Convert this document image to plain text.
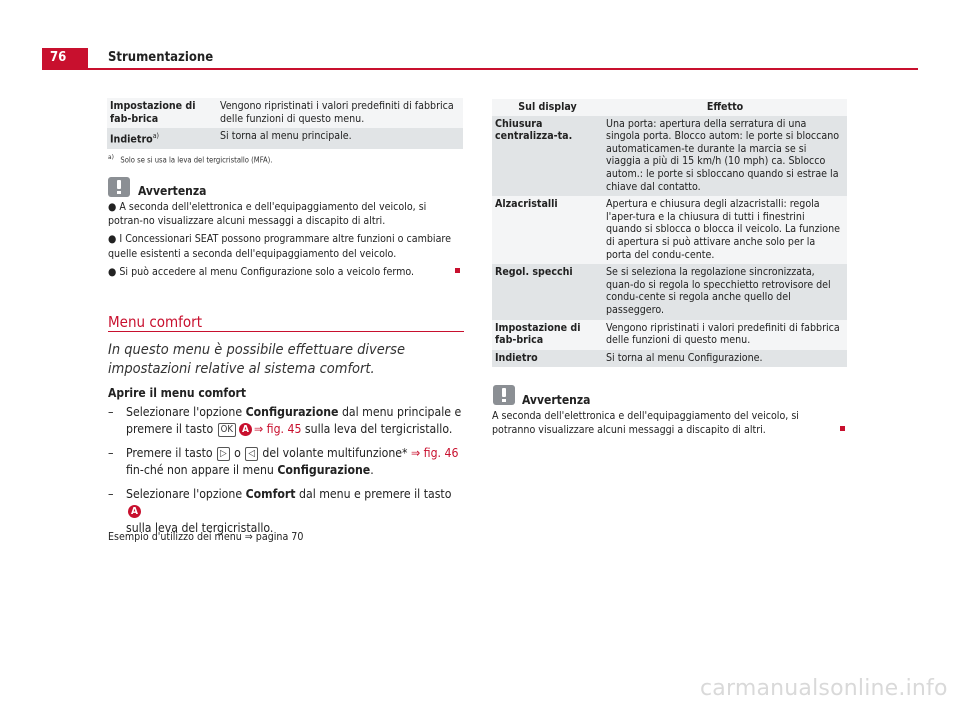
76	Strumentazione
Impostazione di fab-brica	Vengono ripristinati i valori predefiniti di fabbrica delle funzioni di questo menu.
Indietro$^{a)}$	Si torna al menu principale.
$^{a)}$ Solo se si usa la leva del tergicristallo (MFA).
Avvertenza
● A seconda dell'elettronica e dell'equipaggiamento del veicolo, si potran-no visualizzare alcuni messaggi a discapito di altri.
● I Concessionari SEAT possono programmare altre funzioni o cambiare quelle esistenti a seconda dell'equipaggiamento del veicolo.
● Si può accedere al menu Configurazione solo a veicolo fermo.
Menu comfort
In questo menu è possibile effettuare diverse impostazioni relative al sistema comfort.
Aprire il menu comfort
–	Selezionare l'opzione Configurazione dal menu principale e premere il tasto OK A ⇒ fig. 45 sulla leva del tergicristallo.
–	Premere il tasto ▷ o ◁ del volante multifunzione* ⇒ fig. 46 fin-ché non appare il menu Configurazione.
–	Selezionare l'opzione Comfort dal menu e premere il tasto A
sulla leva del tergicristallo.
Esempio d'utilizzo dei menu ⇒ pagina 70
Sul display	Effetto
Chiusura centralizza-ta.	Una porta: apertura della serratura di una singola porta. Blocco autom: le porte si bloccano automaticamen-te durante la marcia se si viaggia a più di 15 km/h (10 mph) ca. Sblocco autom.: le porte si sbloccano quando si estrae la chiave dal contatto.
Alzacristalli	Apertura e chiusura degli alzacristalli: regola l'aper-tura e la chiusura di tutti i finestrini quando si sblocca o blocca il veicolo. La funzione di apertura si può attivare anche solo per la porta del condu-cente.
Regol. specchi	Se si seleziona la regolazione sincronizzata, quan-do si regola lo specchietto retrovisore del condu-cente si regola anche quello del passeggero.
Impostazione di fab-brica	Vengono ripristinati i valori predefiniti di fabbrica delle funzioni di questo menu.
Indietro	Si torna al menu Configurazione.
Avvertenza
A seconda dell'elettronica e dell'equipaggiamento del veicolo, si potranno visualizzare alcuni messaggi a discapito di altri.
carmanualsonline.info
